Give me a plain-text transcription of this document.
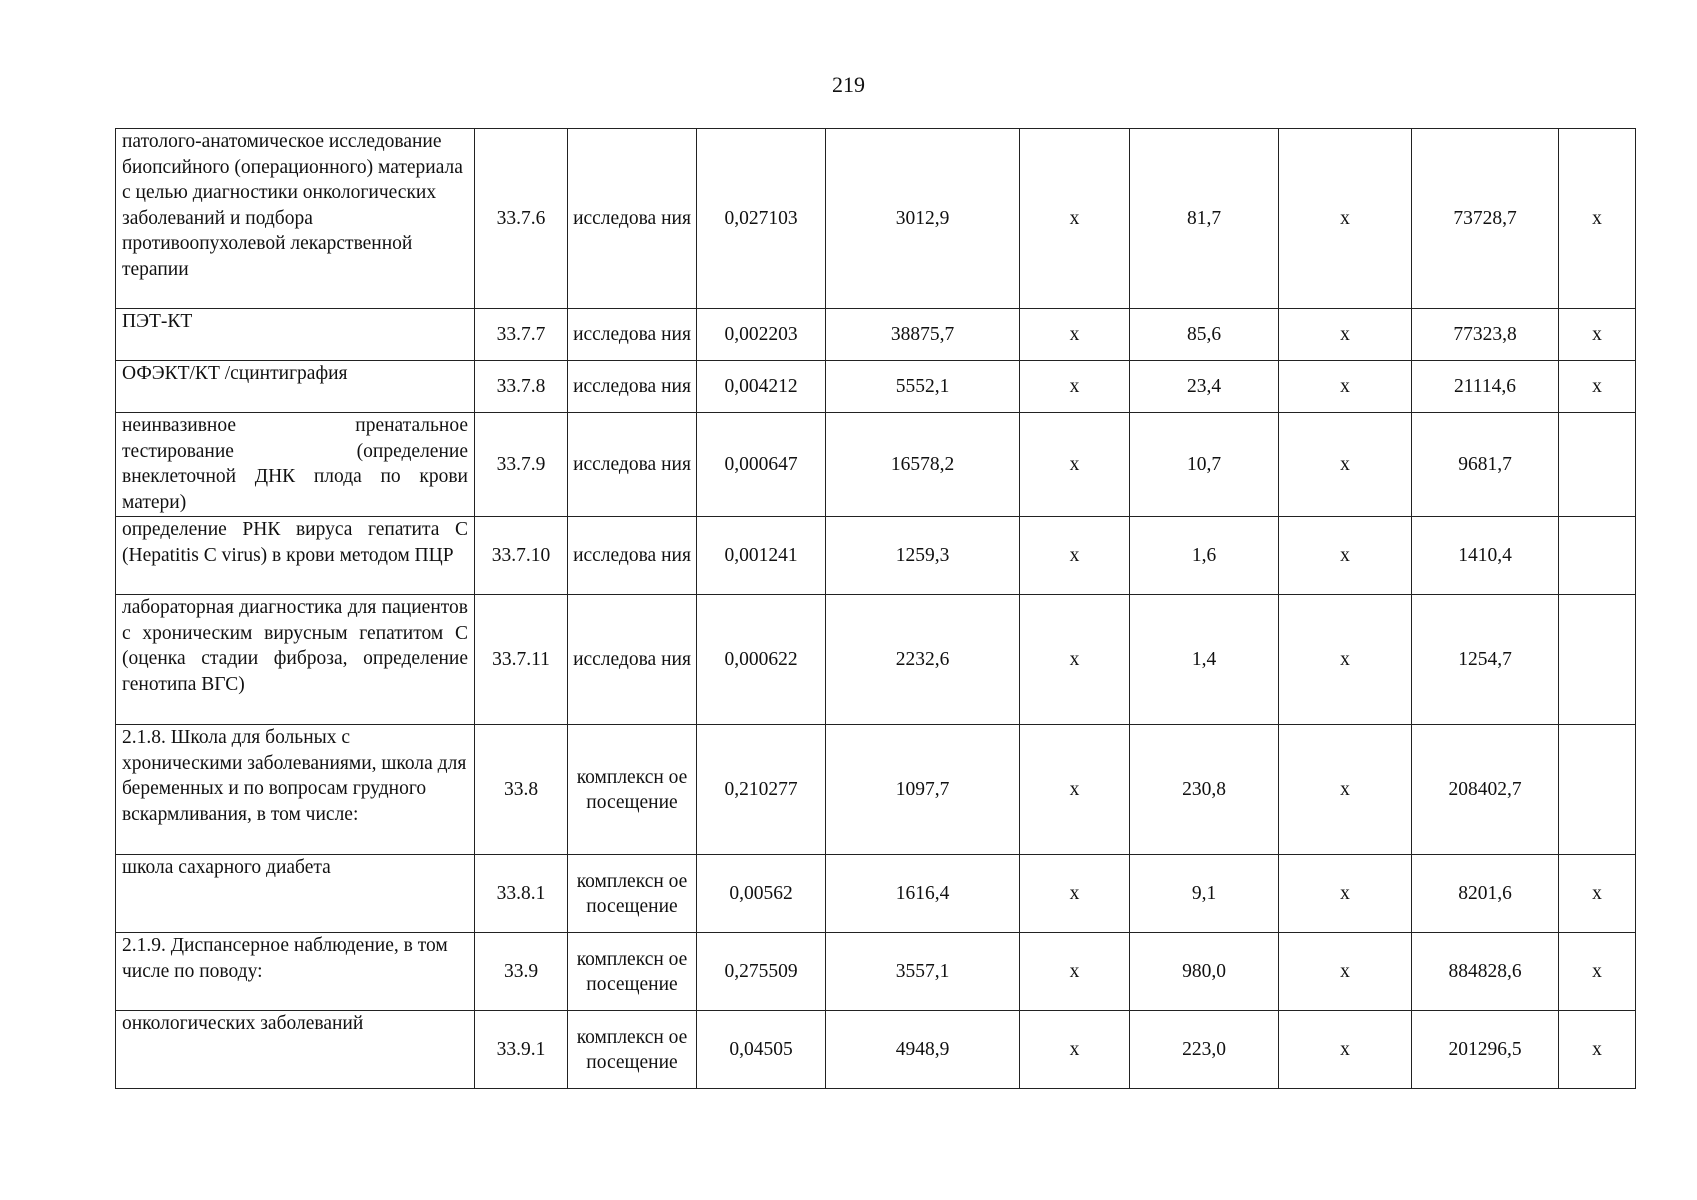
219
патолого-анатомическое исследование биопсийного (операционного) материала с целью диагностики онкологических заболеваний и подбора противоопухолевой лекарственной терапии	33.7.6	исследова ния	0,027103	3012,9	х	81,7	х	73728,7	х
ПЭТ-КТ	33.7.7	исследова ния	0,002203	38875,7	х	85,6	х	77323,8	х
ОФЭКТ/КТ /сцинтиграфия	33.7.8	исследова ния	0,004212	5552,1	х	23,4	х	21114,6	х
неинвазивное пренатальное тестирование (определение внеклеточной ДНК плода по крови матери)	33.7.9	исследова ния	0,000647	16578,2	х	10,7	х	9681,7	
определение РНК вируса гепатита С (Hepatitis C virus) в крови методом ПЦР	33.7.10	исследова ния	0,001241	1259,3	х	1,6	х	1410,4	
лабораторная диагностика для пациентов с хроническим вирусным гепатитом С (оценка стадии фиброза, определение генотипа ВГС)	33.7.11	исследова ния	0,000622	2232,6	х	1,4	х	1254,7	
2.1.8. Школа для больных с хроническими заболеваниями, школа для беременных и по вопросам грудного вскармливания, в том числе:	33.8	комплексн ое посещение	0,210277	1097,7	х	230,8	х	208402,7	
школа сахарного диабета	33.8.1	комплексн ое посещение	0,00562	1616,4	х	9,1	х	8201,6	х
2.1.9. Диспансерное наблюдение, в том числе по поводу:	33.9	комплексн ое посещение	0,275509	3557,1	х	980,0	х	884828,6	х
онкологических заболеваний	33.9.1	комплексн ое посещение	0,04505	4948,9	х	223,0	х	201296,5	х
